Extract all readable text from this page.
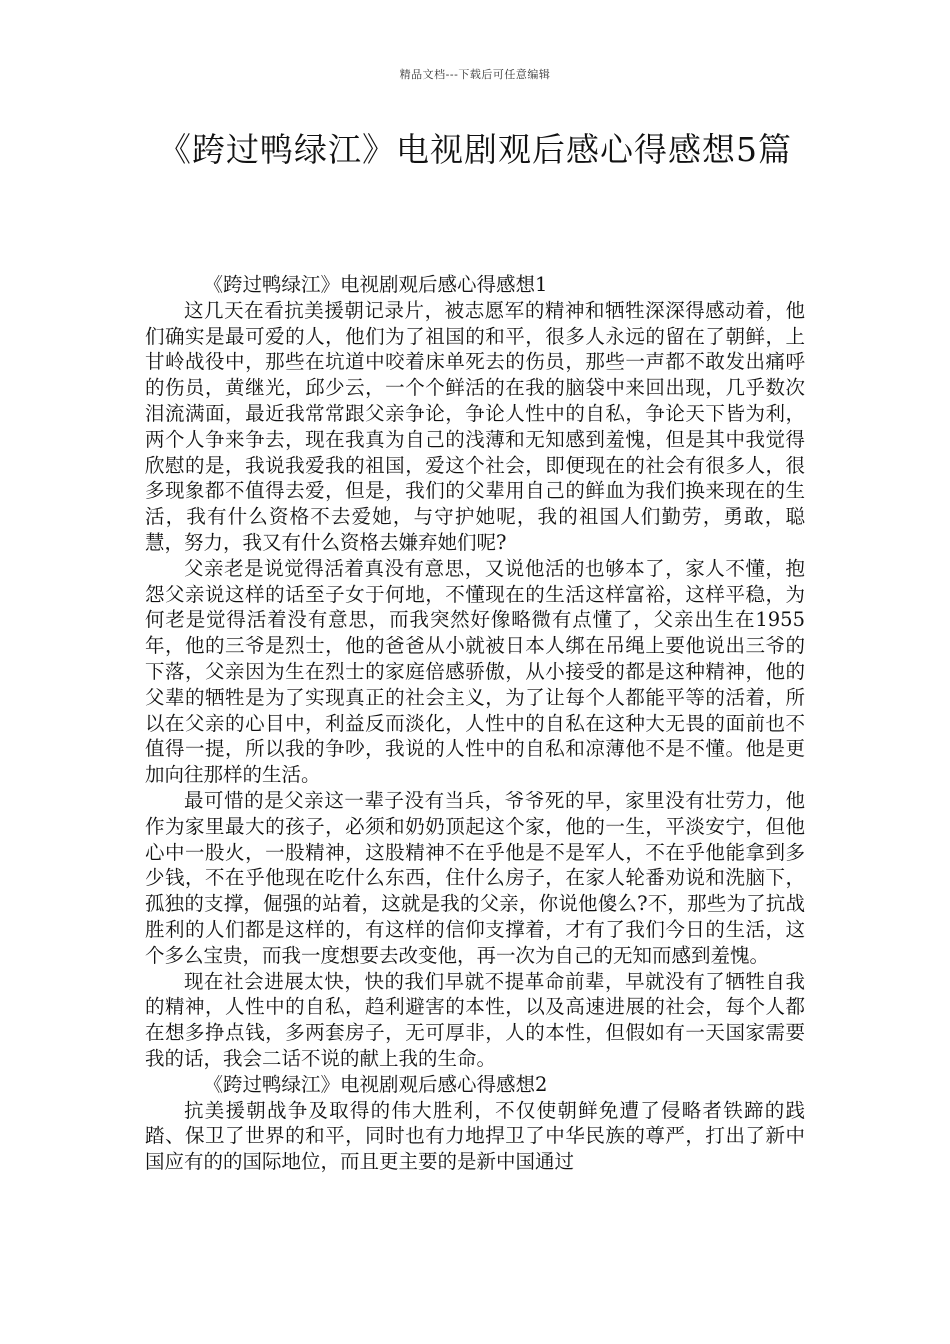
精品文档---下载后可任意编辑
《跨过鸭绿江》电视剧观后感心得感想5篇

《跨过鸭绿江》电视剧观后感心得感想1

这几天在看抗美援朝记录片，被志愿军的精神和牺牲深深得感动着，他们确实是最可爱的人，他们为了祖国的和平，很多人永远的留在了朝鲜，上甘岭战役中，那些在坑道中咬着床单死去的伤员，那些一声都不敢发出痛呼的伤员，黄继光，邱少云，一个个鲜活的在我的脑袋中来回出现，几乎数次泪流满面，最近我常常跟父亲争论，争论人性中的自私，争论天下皆为利，两个人争来争去，现在我真为自己的浅薄和无知感到羞愧，但是其中我觉得欣慰的是，我说我爱我的祖国，爱这个社会，即便现在的社会有很多人，很多现象都不值得去爱，但是，我们的父辈用自己的鲜血为我们换来现在的生活，我有什么资格不去爱她，与守护她呢，我的祖国人们勤劳，勇敢，聪慧，努力，我又有什么资格去嫌弃她们呢?

父亲老是说觉得活着真没有意思，又说他活的也够本了，家人不懂，抱怨父亲说这样的话至子女于何地，不懂现在的生活这样富裕，这样平稳，为何老是觉得活着没有意思，而我突然好像略微有点懂了，父亲出生在1955年，他的三爷是烈士，他的爸爸从小就被日本人绑在吊绳上要他说出三爷的下落，父亲因为生在烈士的家庭倍感骄傲，从小接受的都是这种精神，他的父辈的牺牲是为了实现真正的社会主义，为了让每个人都能平等的活着，所以在父亲的心目中，利益反而淡化，人性中的自私在这种大无畏的面前也不值得一提，所以我的争吵，我说的人性中的自私和凉薄他不是不懂。他是更加向往那样的生活。

最可惜的是父亲这一辈子没有当兵，爷爷死的早，家里没有壮劳力，他作为家里最大的孩子，必须和奶奶顶起这个家，他的一生，平淡安宁，但他心中一股火，一股精神，这股精神不在乎他是不是军人，不在乎他能拿到多少钱，不在乎他现在吃什么东西，住什么房子，在家人轮番劝说和洗脑下，孤独的支撑，倔强的站着，这就是我的父亲，你说他傻么?不，那些为了抗战胜利的人们都是这样的，有这样的信仰支撑着，才有了我们今日的生活，这个多么宝贵，而我一度想要去改变他，再一次为自己的无知而感到羞愧。

现在社会进展太快，快的我们早就不提革命前辈，早就没有了牺牲自我的精神，人性中的自私，趋利避害的本性，以及高速进展的社会，每个人都在想多挣点钱，多两套房子，无可厚非，人的本性，但假如有一天国家需要我的话，我会二话不说的献上我的生命。

《跨过鸭绿江》电视剧观后感心得感想2

抗美援朝战争及取得的伟大胜利，不仅使朝鲜免遭了侵略者铁蹄的践踏、保卫了世界的和平，同时也有力地捍卫了中华民族的尊严，打出了新中国应有的的国际地位，而且更主要的是新中国通过
